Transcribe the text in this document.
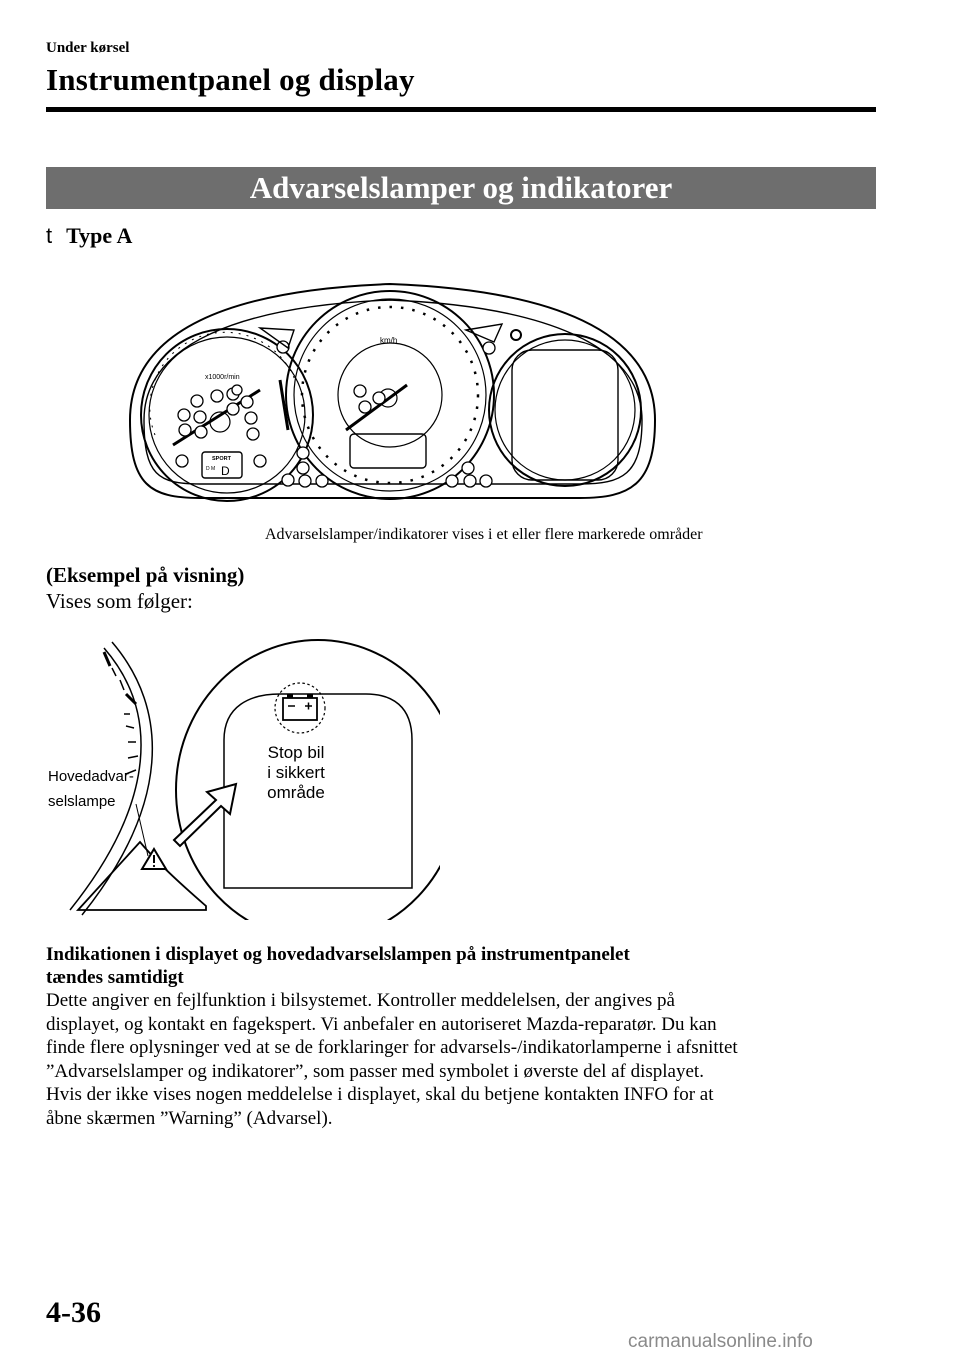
Under kørsel
Instrumentpanel og display
Advarselslamper og indikatorer
t Type A
x1000r/min
SPORT
D M D
km/h
Advarselslamper/indikatorer vises i et eller flere markerede områder
(Eksempel på visning)
Vises som følger:
Stop bil
i sikkert
område
Hovedadvar-
selslampe
Indikationen i displayet og hovedadvarselslampen på instrumentpanelet
tændes samtidigt
Dette angiver en fejlfunktion i bilsystemet. Kontroller meddelelsen, der angives på
displayet, og kontakt en fagekspert. Vi anbefaler en autoriseret Mazda-reparatør. Du kan
finde flere oplysninger ved at se de forklaringer for advarsels-/indikatorlamperne i afsnittet
”Advarselslamper og indikatorer”, som passer med symbolet i øverste del af displayet.
Hvis der ikke vises nogen meddelelse i displayet, skal du betjene kontakten INFO for at
åbne skærmen ”Warning” (Advarsel).
4-36
carmanualsonline.info
